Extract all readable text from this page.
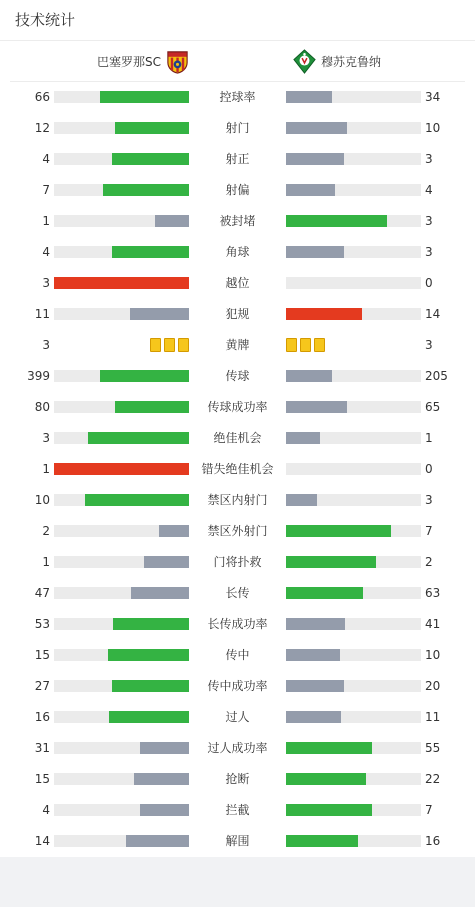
技术统计
巴塞罗那SC	穆苏克鲁纳
66	控球率	34
12	射门	10
4	射正	3
7	射偏	4
1	被封堵	3
4	角球	3
3	越位	0
11	犯规	14
3	黄牌	3
399	传球	205
80	传球成功率	65
3	绝佳机会	1
1	错失绝佳机会	0
10	禁区内射门	3
2	禁区外射门	7
1	门将扑救	2
47	长传	63
53	长传成功率	41
15	传中	10
27	传中成功率	20
16	过人	11
31	过人成功率	55
15	抢断	22
4	拦截	7
14	解围	16
